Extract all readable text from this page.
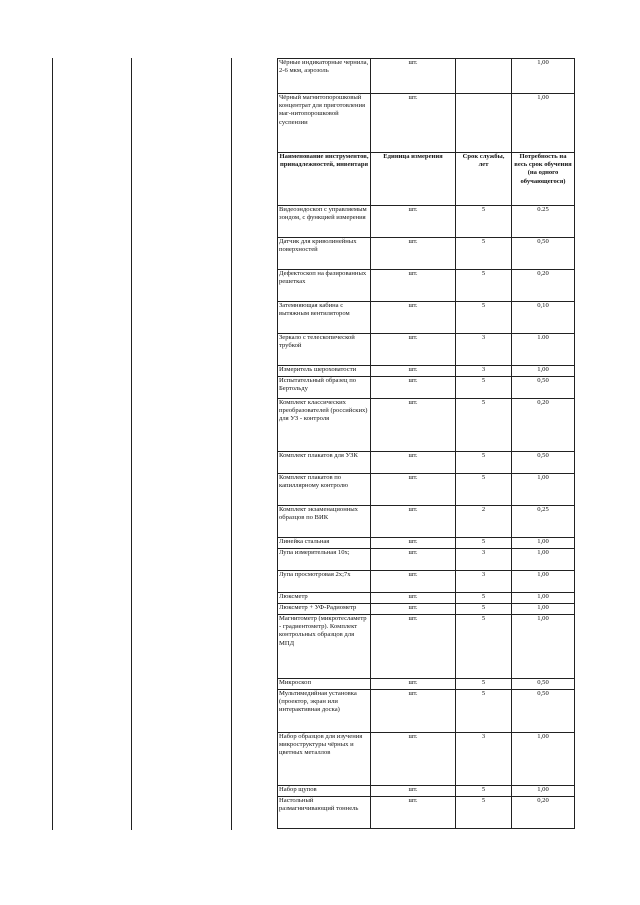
Чёрные индикаторные чернила, 2-6 мкм, аэрозоль	шт.		1,00
Чёрный магнитопорошковый концентрат для приготовления маг-нитопорошковой суспензии	шт.		1,00
Наименование инструментов, принадлежностей, инвентаря	Единица измерения	Срок службы, лет	Потребность на весь срок обучения (на одного обучающегося)
Видеоэндоскоп с управляемым зондом, с функцией измерения	шт.	5	0.25
Датчик для криволинейных поверхностей	шт.	5	0,50
Дефектоскоп на фазированных решетках	шт.	5	0,20
Затемняющая кабина с вытяжным вентилятором	шт.	5	0,10
Зеркало с телескопической трубкой	шт.	3	1.00
Измеритель шероховатости	шт.	3	1,00
Испытательный образец по Бертольду	шт.	5	0,50
Комплект классических преобразователей (российских) для УЗ - контроля	шт.	5	0,20
Комплект плакатов для УЗК	шт.	5	0,50
Комплект плакатов по капиллярному контролю	шт.	5	1,00
Комплект экзаменационных образцов по ВИК	шт.	2	0,25
Линейка стальная	шт.	5	1,00
Лупа измерительная 10х;	шт.	3	1,00
Лупа просмотровая 2х;7х	шт.	3	1,00
Люксметр	шт.	5	1,00
Люксметр + УФ-Радиометр	шт.	5	1,00
Магнитометр (микротесламетр - градиентометр). Комплект контрольных образцов для МПД	шт.	5	1,00
Микроскоп	шт.	5	0,50
Мультимедийная установка (проектор, экран или интерактивная доска)	шт.	5	0,50
Набор образцов для изучения микроструктуры чёрных и цветных металлов	шт.	3	1,00
Набор щупов	шт.	5	1,00
Настольный размагничивающий тоннель	шт.	5	0,20
